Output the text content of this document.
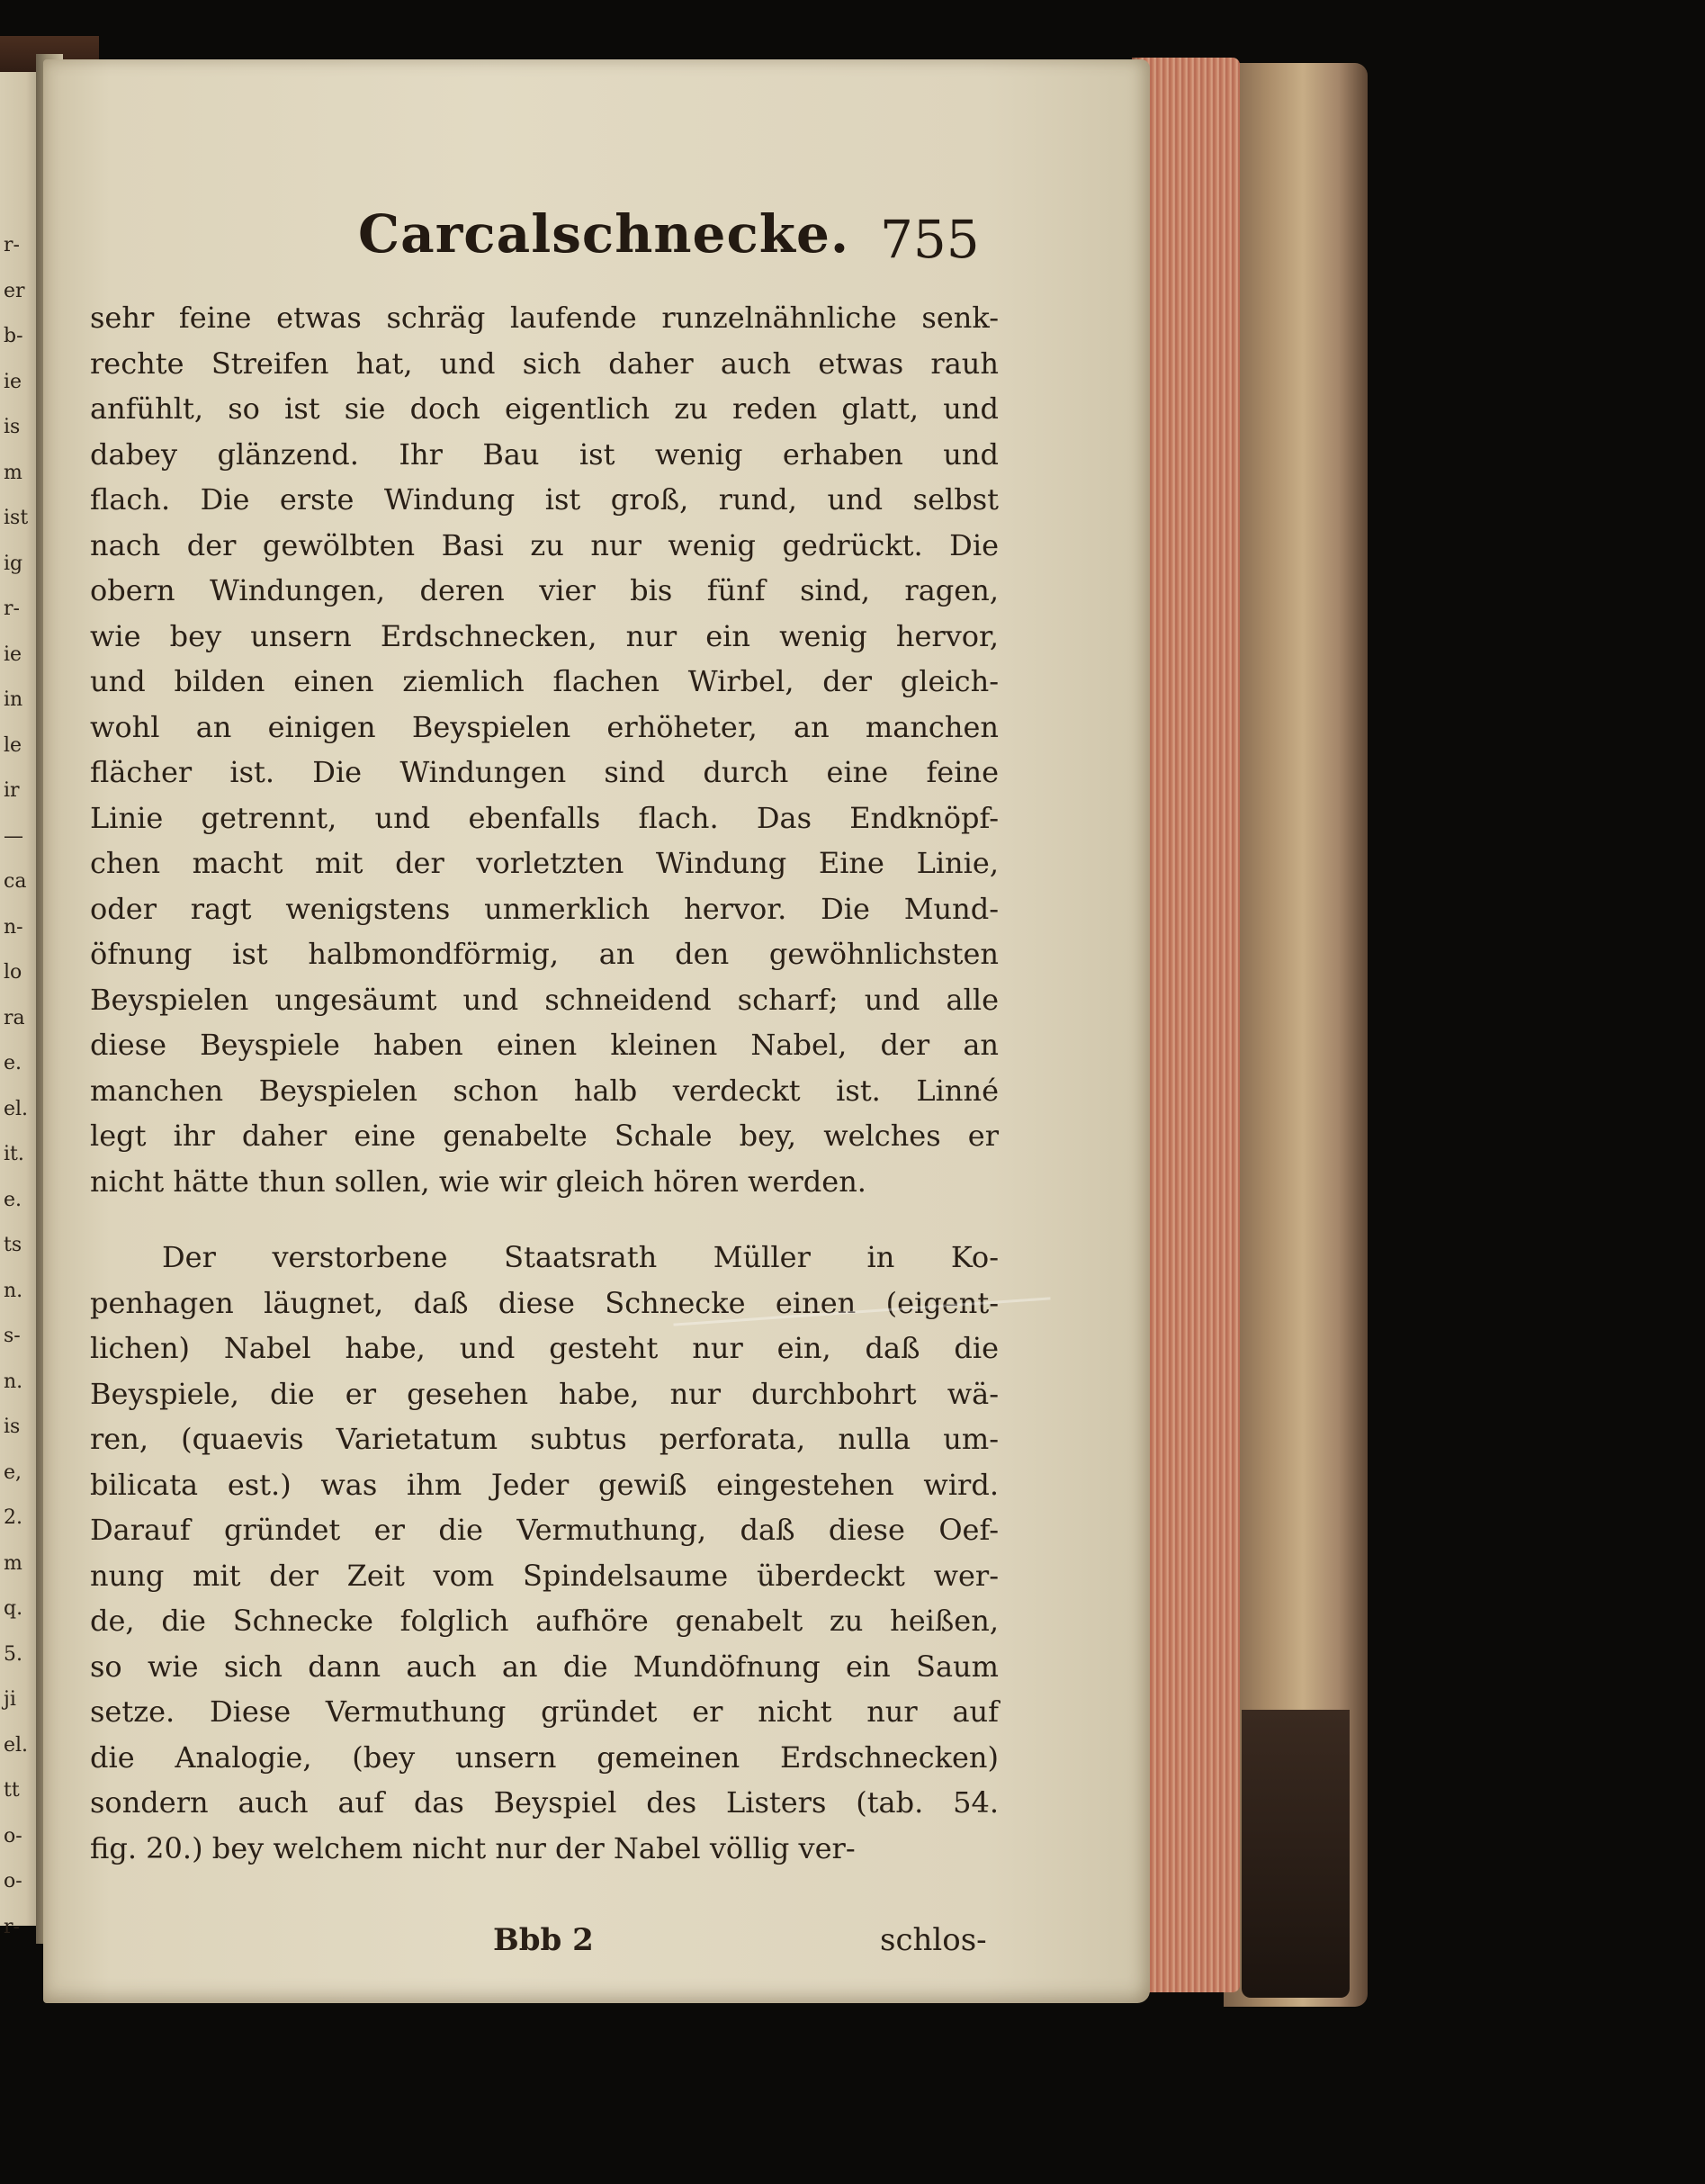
r-
er
b-
ie
is
m
ist
ig
r-
ie
in
le
ir
—
ca
n-
lo
ra
e.
el.
it.
e.
ts
n.
s-
n.
is
e,
2.
m
q.
5.
ji
el.
tt
o-
o-
r-
Carcalschnecke. 755
sehr feine etwas schräg laufende runzelnähnliche senk-
rechte Streifen hat, und sich daher auch etwas rauh
anfühlt, so ist sie doch eigentlich zu reden glatt, und
dabey glänzend. Ihr Bau ist wenig erhaben und
flach. Die erste Windung ist groß, rund, und selbst
nach der gewölbten Basi zu nur wenig gedrückt. Die
obern Windungen, deren vier bis fünf sind, ragen,
wie bey unsern Erdschnecken, nur ein wenig hervor,
und bilden einen ziemlich flachen Wirbel, der gleich-
wohl an einigen Beyspielen erhöheter, an manchen
flächer ist. Die Windungen sind durch eine feine
Linie getrennt, und ebenfalls flach. Das Endknöpf-
chen macht mit der vorletzten Windung Eine Linie,
oder ragt wenigstens unmerklich hervor. Die Mund-
öfnung ist halbmondförmig, an den gewöhnlichsten
Beyspielen ungesäumt und schneidend scharf; und alle
diese Beyspiele haben einen kleinen Nabel, der an
manchen Beyspielen schon halb verdeckt ist. Linné
legt ihr daher eine genabelte Schale bey, welches er
nicht hätte thun sollen, wie wir gleich hören werden.
Der verstorbene Staatsrath Müller in Ko-
penhagen läugnet, daß diese Schnecke einen (eigent-
lichen) Nabel habe, und gesteht nur ein, daß die
Beyspiele, die er gesehen habe, nur durchbohrt wä-
ren, (quaevis Varietatum subtus perforata, nulla um-
bilicata est.) was ihm Jeder gewiß eingestehen wird.
Darauf gründet er die Vermuthung, daß diese Oef-
nung mit der Zeit vom Spindelsaume überdeckt wer-
de, die Schnecke folglich aufhöre genabelt zu heißen,
so wie sich dann auch an die Mundöfnung ein Saum
setze. Diese Vermuthung gründet er nicht nur auf
die Analogie, (bey unsern gemeinen Erdschnecken)
sondern auch auf das Beyspiel des Listers (tab. 54.
fig. 20.) bey welchem nicht nur der Nabel völlig ver-
Bbb 2	schlos-
